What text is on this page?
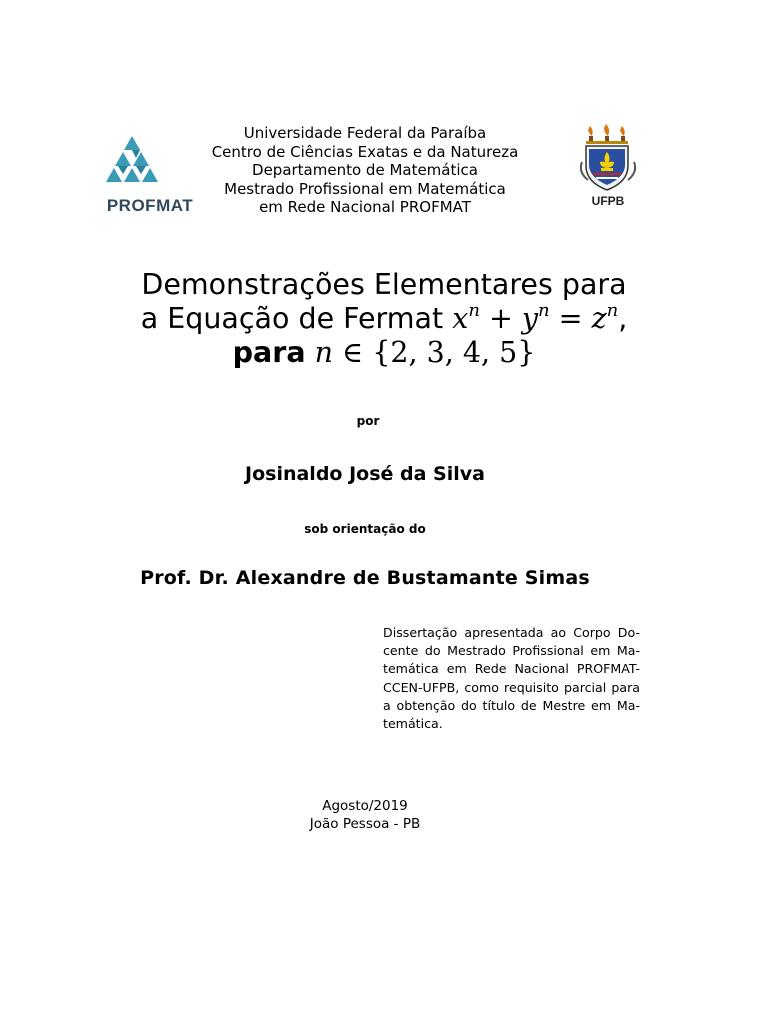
PROFMAT
Universidade Federal da Paraíba
Centro de Ciências Exatas e da Natureza
Departamento de Matemática
Mestrado Profissional em Matemática
em Rede Nacional PROFMAT	UFPB
Demonstrações Elementares para
a Equação de Fermat $x^n + y^n = z^n$,
para n ∈ {2, 3, 4, 5}
por
Josinaldo José da Silva
sob orientação do
Prof. Dr. Alexandre de Bustamante Simas
Dissertação apresentada ao Corpo Do-
cente do Mestrado Profissional em Ma-
temática em Rede Nacional PROFMAT-
CCEN-UFPB, como requisito parcial para
a obtenção do título de Mestre em Ma-
temática.
Agosto/2019
João Pessoa - PB
